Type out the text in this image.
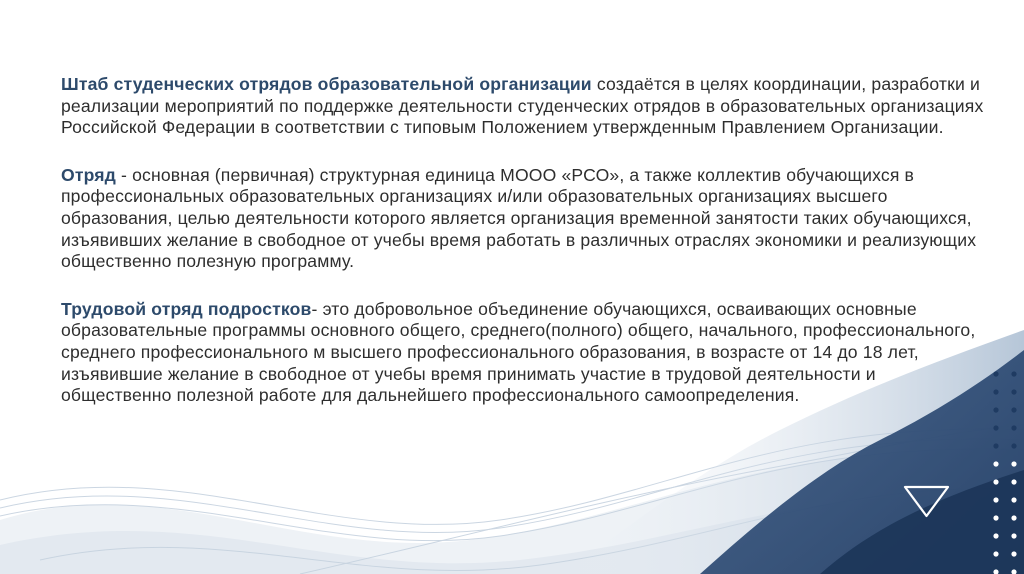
Штаб студенческих отрядов образовательной организации создаётся в целях координации, разработки и реализации мероприятий по поддержке деятельности студенческих отрядов в образовательных организациях Российской Федерации в соответствии с типовым Положением утвержденным Правлением Организации.

Отряд - основная (первичная) структурная единица МООО «РСО», а также коллектив обучающихся в профессиональных образовательных организациях и/или образовательных организациях высшего образования, целью деятельности которого является организация временной занятости таких обучающихся, изъявивших желание в свободное от учебы время работать в различных отраслях экономики и реализующих общественно полезную программу.

Трудовой отряд подростков- это добровольное объединение обучающихся, осваивающих основные образовательные программы основного общего, среднего(полного) общего, начального, профессионального, среднего профессионального м высшего профессионального образования, в возрасте от 14 до 18 лет, изъявившие желание в свободное от учебы время принимать участие в трудовой деятельности и общественно полезной работе для дальнейшего профессионального самоопределения.
